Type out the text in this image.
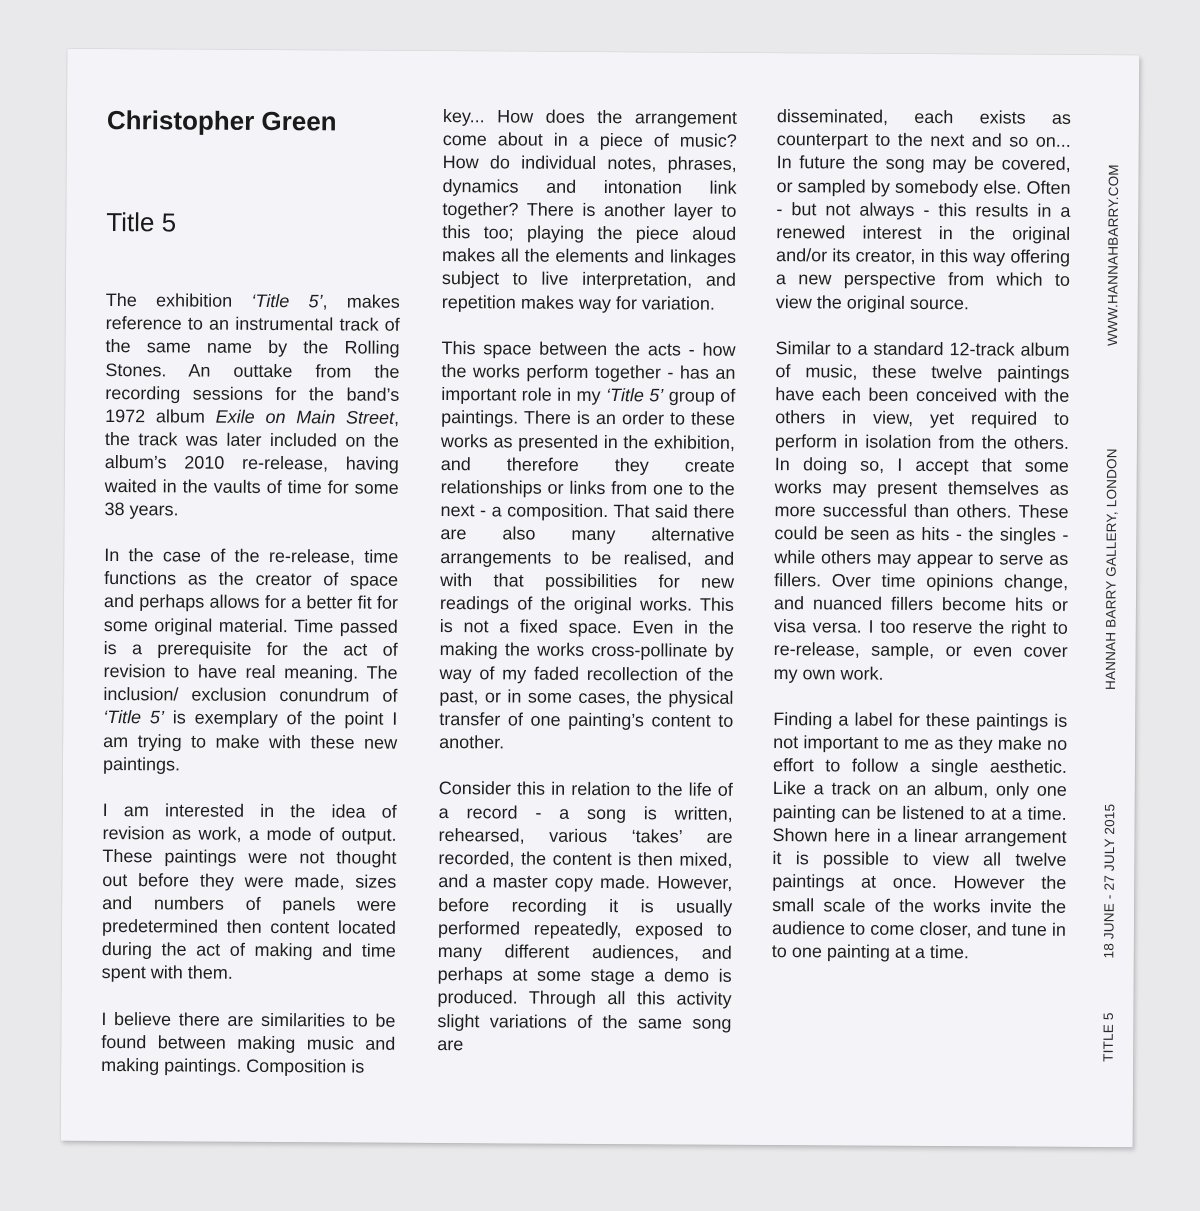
Christopher Green
Title 5

The exhibition ‘Title 5’, makes reference to an instrumental track of the same name by the Rolling Stones. An outtake from the recording sessions for the band’s 1972 album Exile on Main Street, the track was later included on the album’s 2010 re-release, having waited in the vaults of time for some 38 years.

In the case of the re-release, time functions as the creator of space and perhaps allows for a better fit for some original material. Time passed is a prerequisite for the act of revision to have real meaning. The inclusion/ exclusion conundrum of ‘Title 5’ is exemplary of the point I am trying to make with these new paintings.

I am interested in the idea of revision as work, a mode of output. These paintings were not thought out before they were made, sizes and numbers of panels were predetermined then content located during the act of making and time spent with them.

I believe there are similarities to be found between making music and making paintings. Composition is

key... How does the arrangement come about in a piece of music? How do individual notes, phrases, dynamics and intonation link together? There is another layer to this too; playing the piece aloud makes all the elements and linkages subject to live interpretation, and repetition makes way for variation.

This space between the acts - how the works perform together - has an important role in my ‘Title 5’ group of paintings. There is an order to these works as presented in the exhibition, and therefore they create relationships or links from one to the next - a composition. That said there are also many alternative arrangements to be realised, and with that possibilities for new readings of the original works. This is not a fixed space. Even in the making the works cross-pollinate by way of my faded recollection of the past, or in some cases, the physical transfer of one painting’s content to another.

Consider this in relation to the life of a record - a song is written, rehearsed, various ‘takes’ are recorded, the content is then mixed, and a master copy made. However, before recording it is usually performed repeatedly, exposed to many different audiences, and perhaps at some stage a demo is produced. Through all this activity slight variations of the same song are

disseminated, each exists as counterpart to the next and so on... In future the song may be covered, or sampled by somebody else. Often - but not always - this results in a renewed interest in the original and/or its creator, in this way offering a new perspective from which to view the original source.

Similar to a standard 12-track album of music, these twelve paintings have each been conceived with the others in view, yet required to perform in isolation from the others. In doing so, I accept that some works may present themselves as more successful than others. These could be seen as hits - the singles - while others may appear to serve as fillers. Over time opinions change, and nuanced fillers become hits or visa versa. I too reserve the right to re-release, sample, or even cover my own work.

Finding a label for these paintings is not important to me as they make no effort to follow a single aesthetic. Like a track on an album, only one painting can be listened to at a time. Shown here in a linear arrangement it is possible to view all twelve paintings at once. However the small scale of the works invite the audience to come closer, and tune in to one painting at a time.

WWW.HANNAHBARRY.COM
HANNAH BARRY GALLERY, LONDON
18 JUNE - 27 JULY 2015
TITLE 5
